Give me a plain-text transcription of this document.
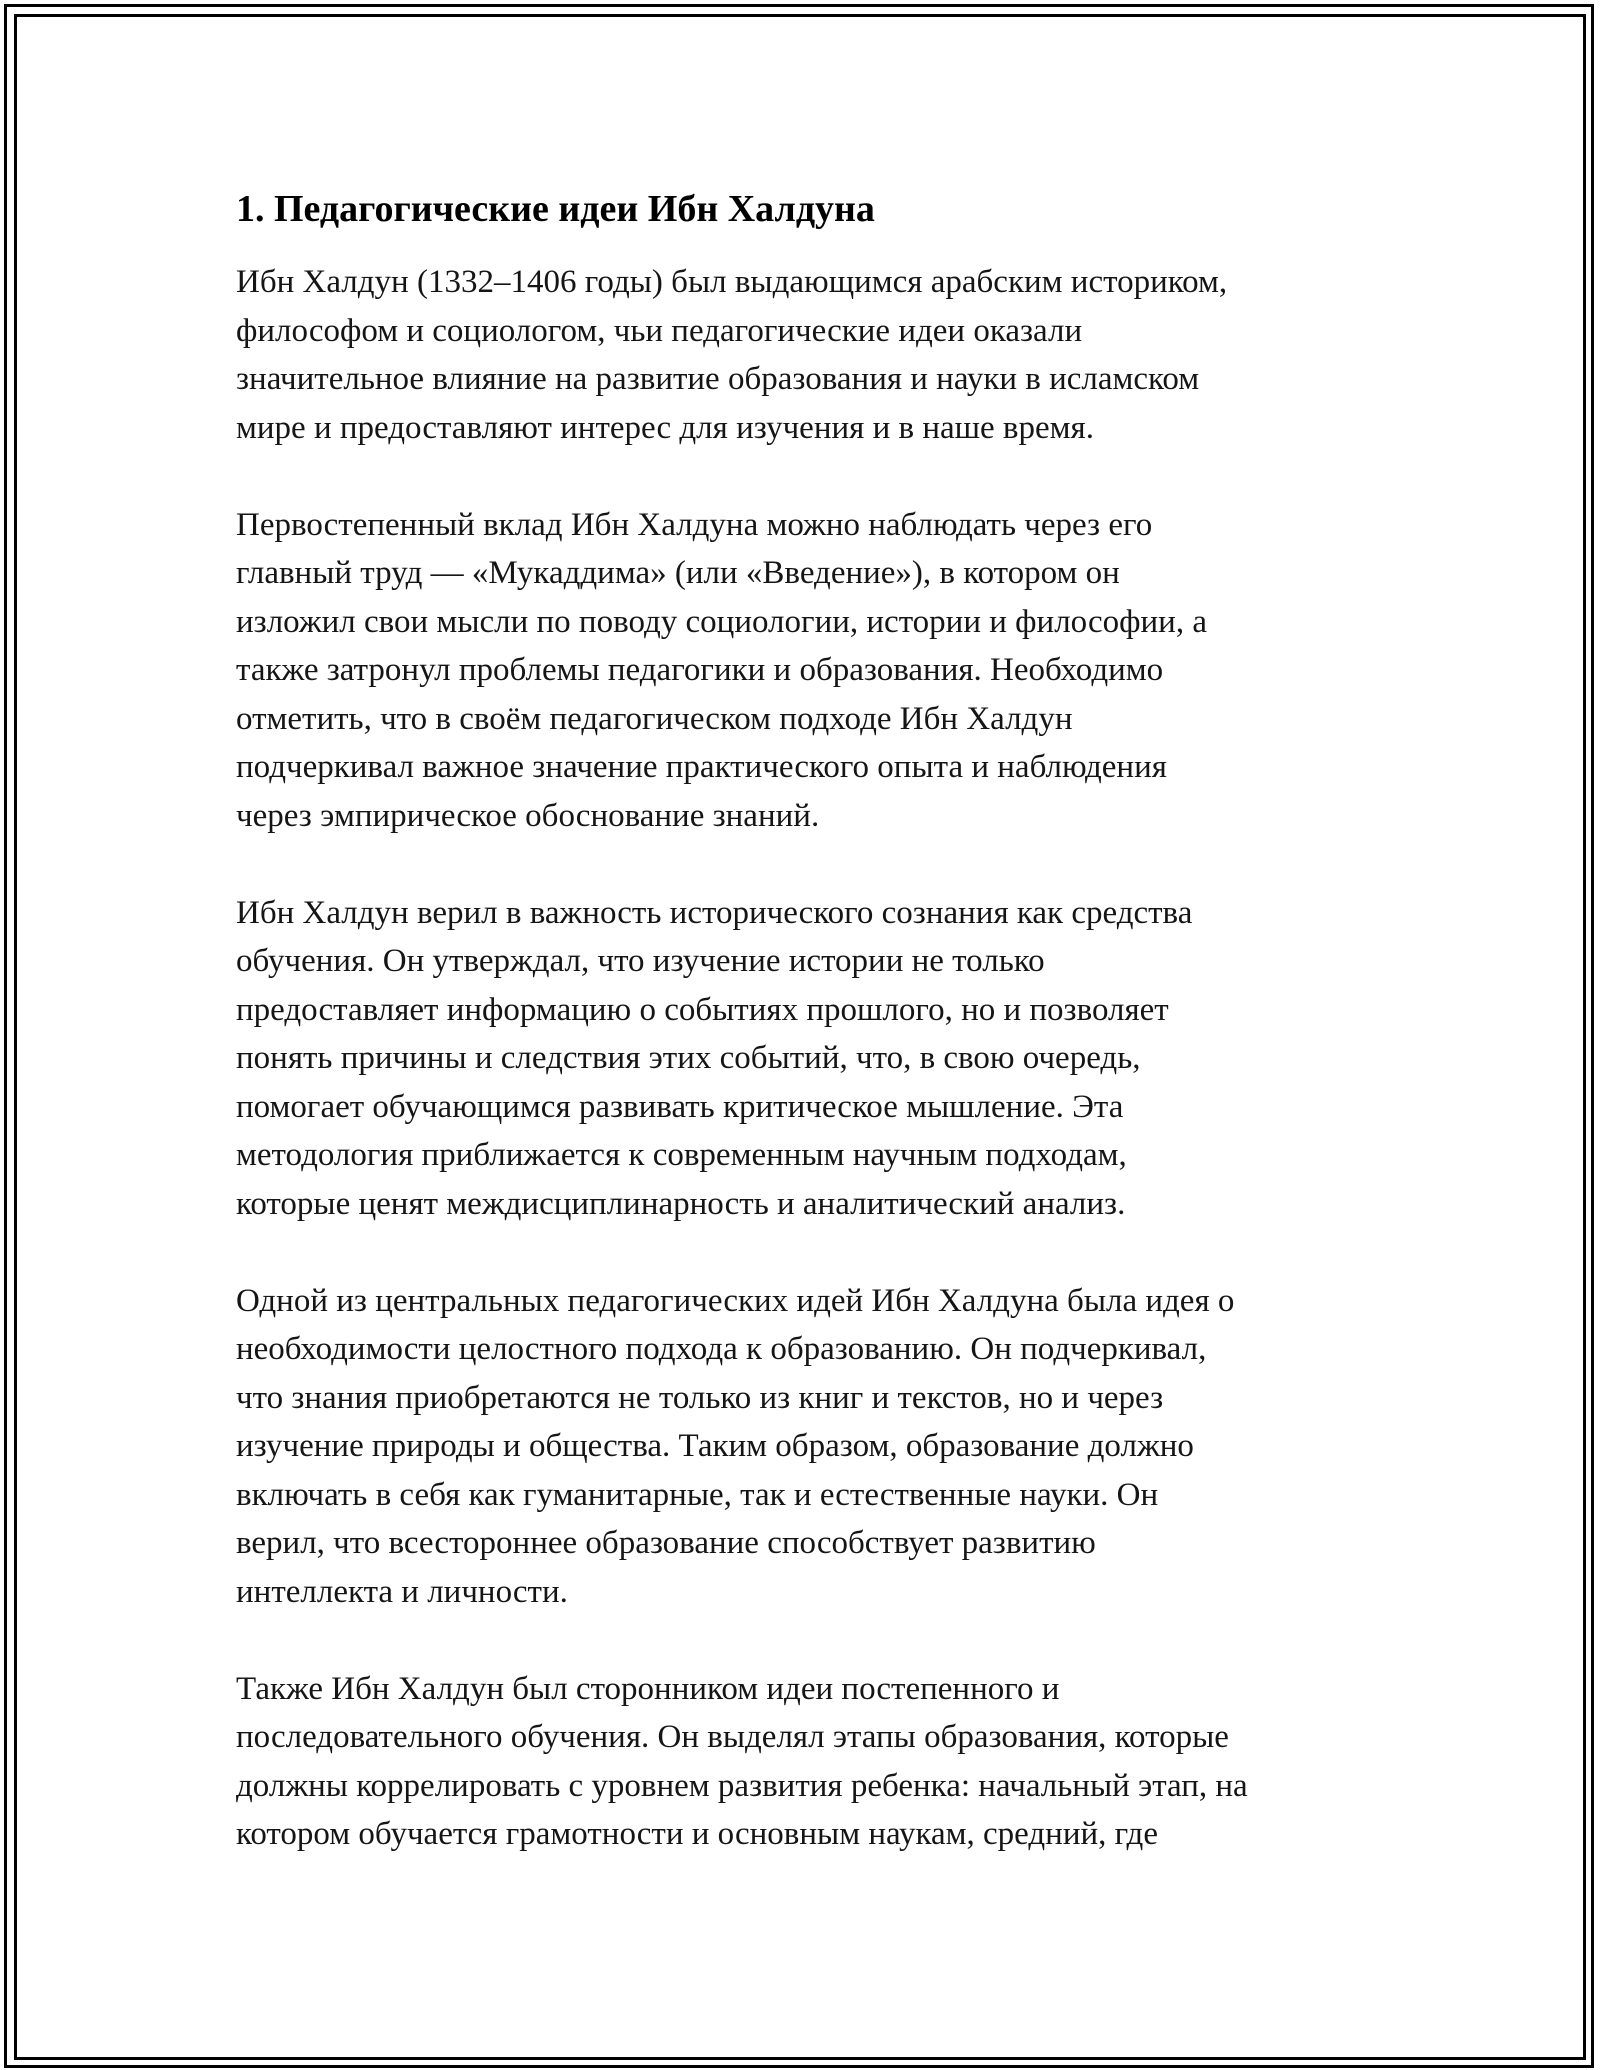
1. Педагогические идеи Ибн Халдуна
Ибн Халдун (1332–1406 годы) был выдающимся арабским историком,
философом и социологом, чьи педагогические идеи оказали
значительное влияние на развитие образования и науки в исламском
мире и предоставляют интерес для изучения и в наше время.
Первостепенный вклад Ибн Халдуна можно наблюдать через его
главный труд — «Мукаддима» (или «Введение»), в котором он
изложил свои мысли по поводу социологии, истории и философии, а
также затронул проблемы педагогики и образования. Необходимо
отметить, что в своём педагогическом подходе Ибн Халдун
подчеркивал важное значение практического опыта и наблюдения
через эмпирическое обоснование знаний.
Ибн Халдун верил в важность исторического сознания как средства
обучения. Он утверждал, что изучение истории не только
предоставляет информацию о событиях прошлого, но и позволяет
понять причины и следствия этих событий, что, в свою очередь,
помогает обучающимся развивать критическое мышление. Эта
методология приближается к современным научным подходам,
которые ценят междисциплинарность и аналитический анализ.
Одной из центральных педагогических идей Ибн Халдуна была идея о
необходимости целостного подхода к образованию. Он подчеркивал,
что знания приобретаются не только из книг и текстов, но и через
изучение природы и общества. Таким образом, образование должно
включать в себя как гуманитарные, так и естественные науки. Он
верил, что всестороннее образование способствует развитию
интеллекта и личности.
Также Ибн Халдун был сторонником идеи постепенного и
последовательного обучения. Он выделял этапы образования, которые
должны коррелировать с уровнем развития ребенка: начальный этап, на
котором обучается грамотности и основным наукам, средний, где
